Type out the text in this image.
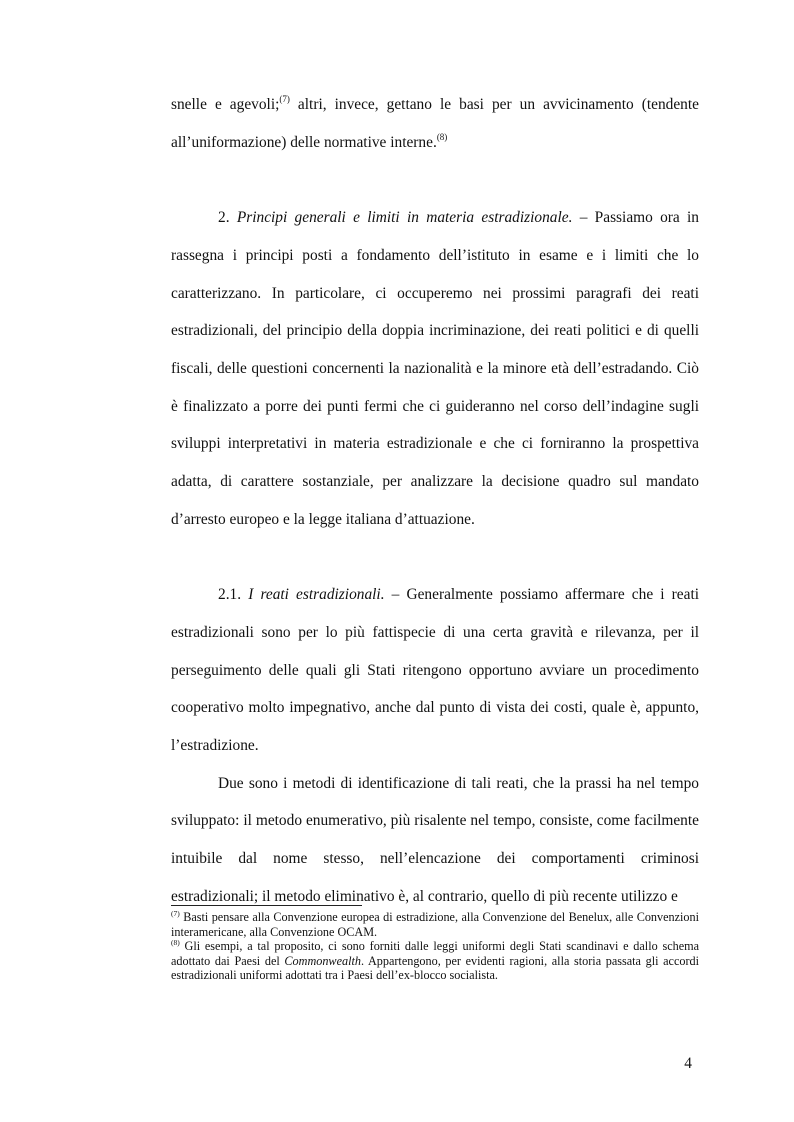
snelle e agevoli;$^{(7)}$ altri, invece, gettano le basi per un avvicinamento (tendente all’uniformazione) delle normative interne.$^{(8)}$

2. Principi generali e limiti in materia estradizionale. – Passiamo ora in rassegna i principi posti a fondamento dell’istituto in esame e i limiti che lo caratterizzano. In particolare, ci occuperemo nei prossimi paragrafi dei reati estradizionali, del principio della doppia incriminazione, dei reati politici e di quelli fiscali, delle questioni concernenti la nazionalità e la minore età dell’estradando. Ciò è finalizzato a porre dei punti fermi che ci guideranno nel corso dell’indagine sugli sviluppi interpretativi in materia estradizionale e che ci forniranno la prospettiva adatta, di carattere sostanziale, per analizzare la decisione quadro sul mandato d’arresto europeo e la legge italiana d’attuazione.

2.1. I reati estradizionali. – Generalmente possiamo affermare che i reati estradizionali sono per lo più fattispecie di una certa gravità e rilevanza, per il perseguimento delle quali gli Stati ritengono opportuno avviare un procedimento cooperativo molto impegnativo, anche dal punto di vista dei costi, quale è, appunto, l’estradizione.

Due sono i metodi di identificazione di tali reati, che la prassi ha nel tempo sviluppato: il metodo enumerativo, più risalente nel tempo, consiste, come facilmente intuibile dal nome stesso, nell’elencazione dei comportamenti criminosi estradizionali; il metodo eliminativo è, al contrario, quello di più recente utilizzo e

$^{(7)}$ Basti pensare alla Convenzione europea di estradizione, alla Convenzione del Benelux, alle Convenzioni interamericane, alla Convenzione OCAM.

$^{(8)}$ Gli esempi, a tal proposito, ci sono forniti dalle leggi uniformi degli Stati scandinavi e dallo schema adottato dai Paesi del Commonwealth. Appartengono, per evidenti ragioni, alla storia passata gli accordi estradizionali uniformi adottati tra i Paesi dell’ex-blocco socialista.

4
